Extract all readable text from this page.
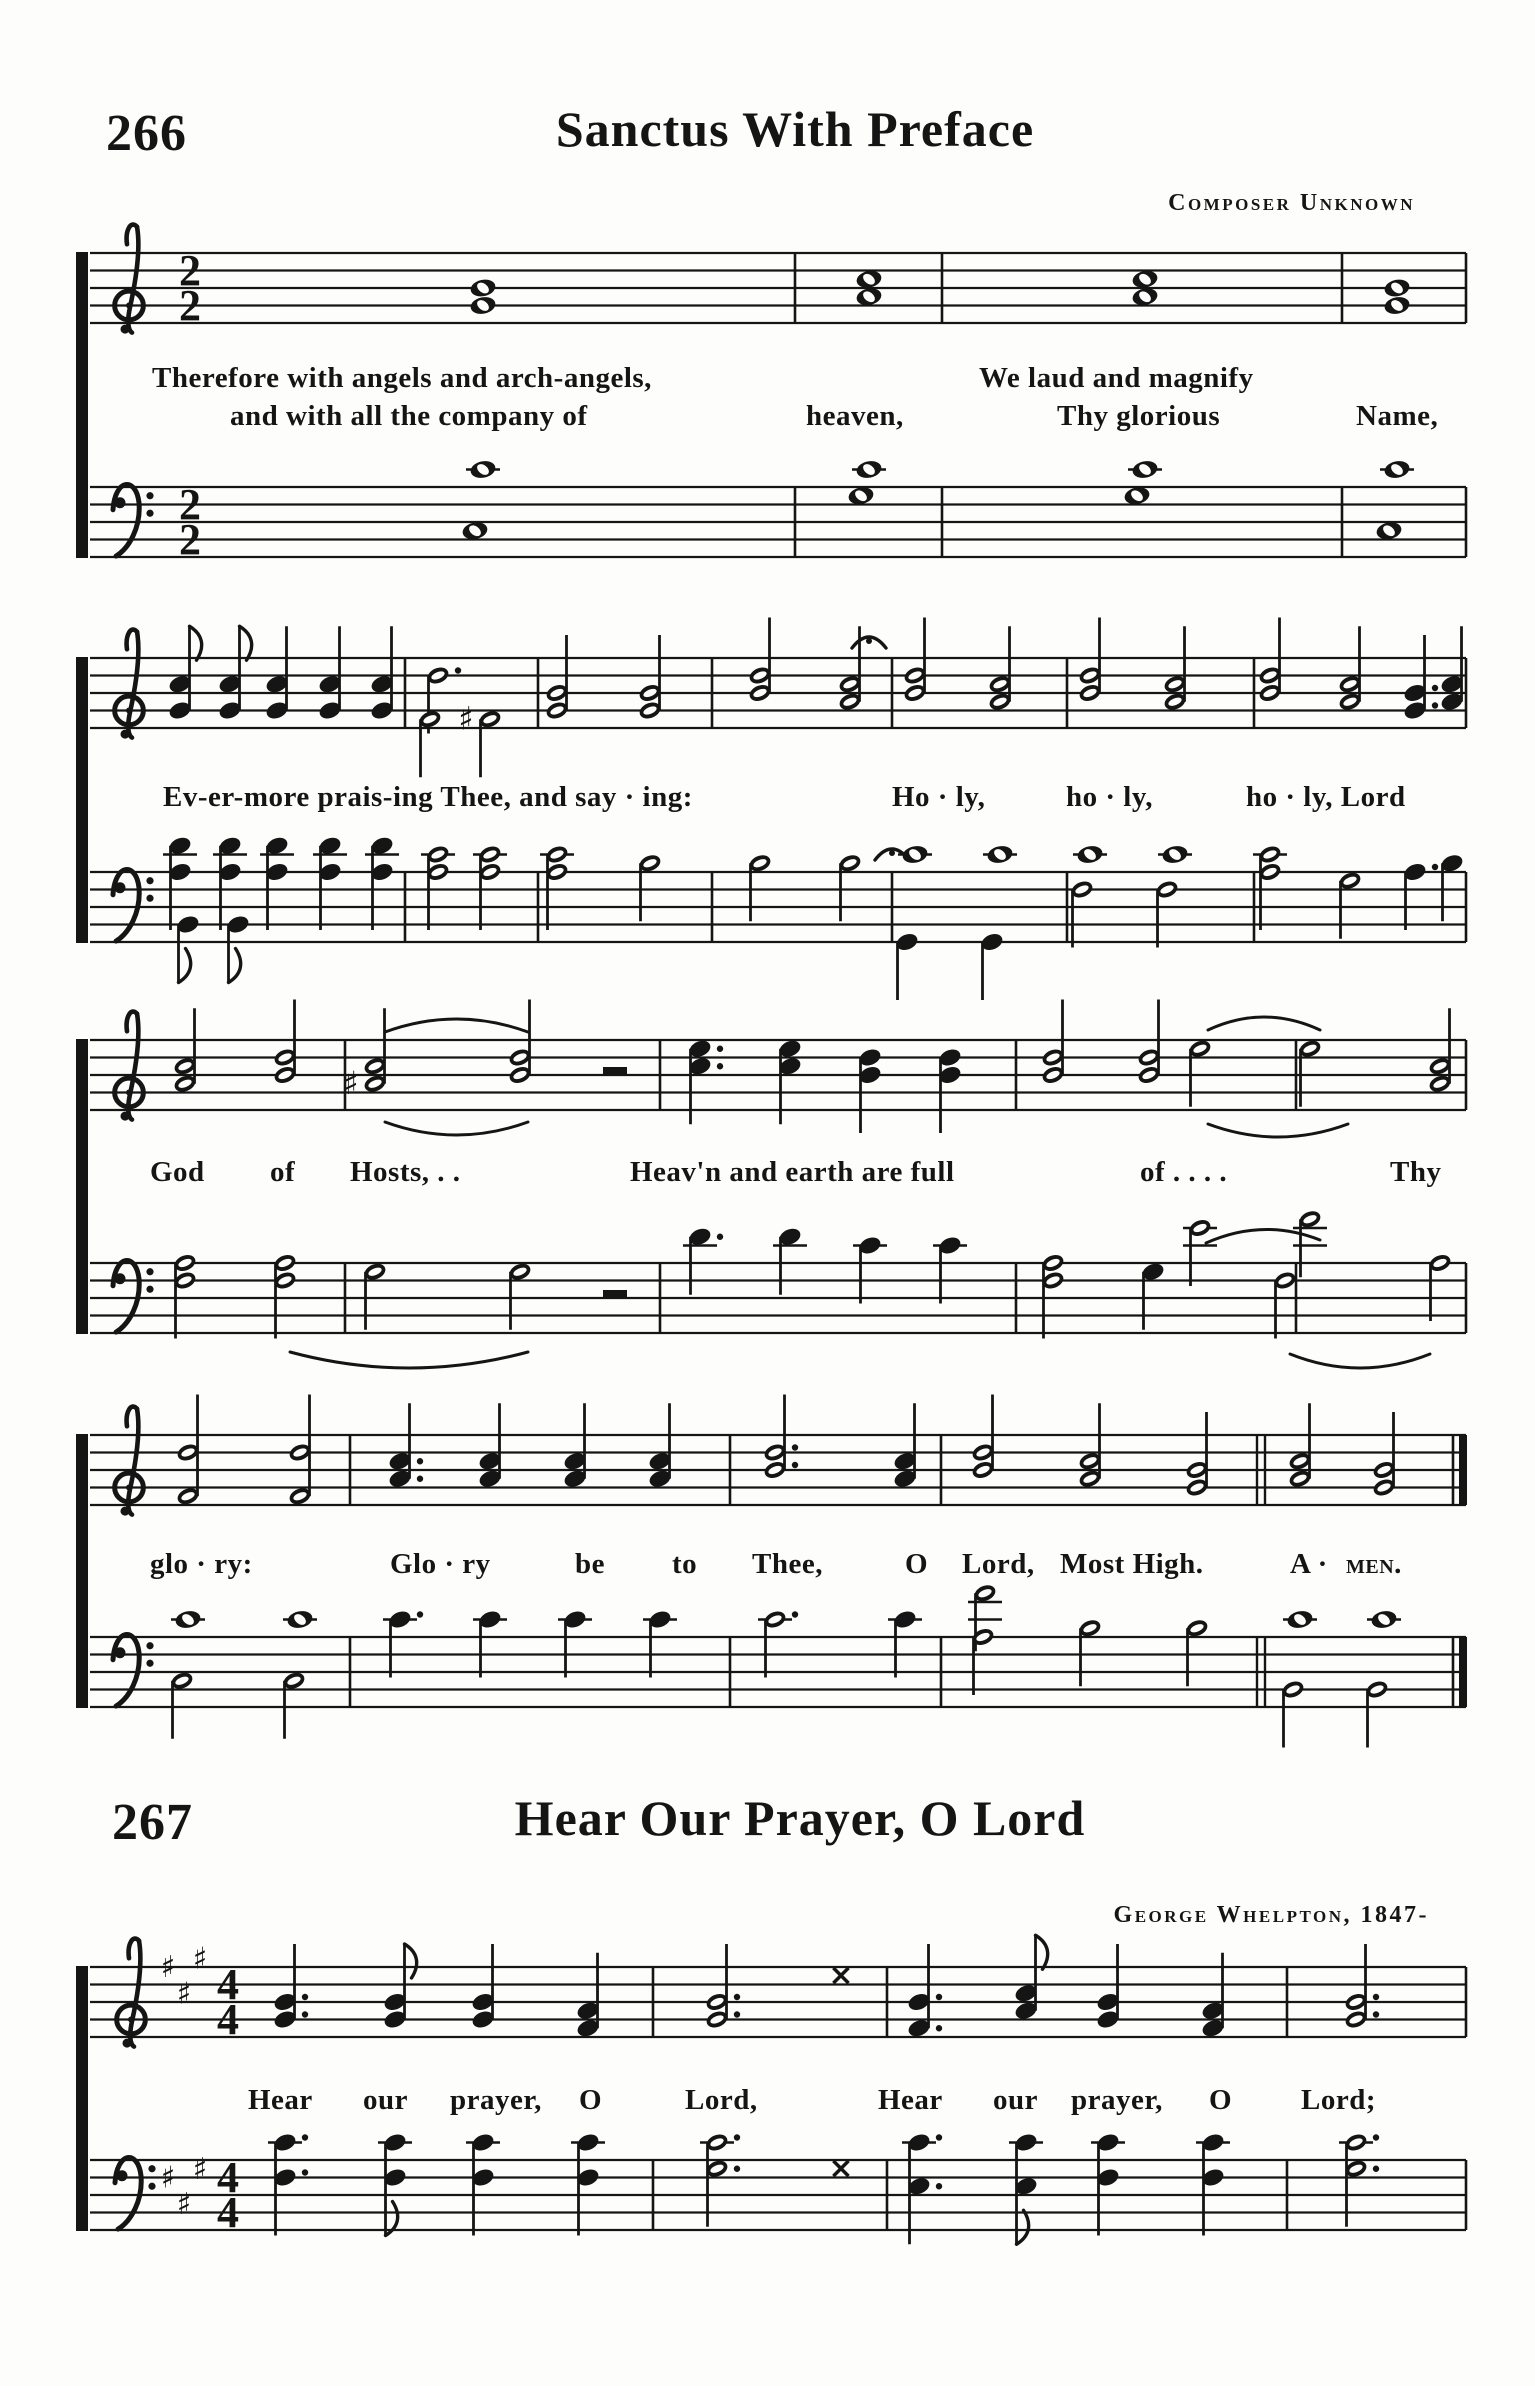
266	Sanctus With Preface
Composer Unknown
2
2
2
2
♯
♯
♯
♯
♯
4
4
×
♯
♯
♯ 4
4
×
Therefore with angels and arch-angels,	We laud and magnify
and with all the company of	heaven,	Thy glorious	Name,
Ev-er-more prais-ing Thee, and say · ing:	Ho · ly,	ho · ly,	ho · ly, Lord
God of Hosts, . .	Heav'n and earth are full	of . . . .	Thy
glo · ry:	Glo · ry	be to Thee,	O Lord, Most High.	A · men.
Hear our prayer, O	Lord,	Hear our prayer, O Lord;
267	Hear Our Prayer, O Lord
George Whelpton, 1847-
